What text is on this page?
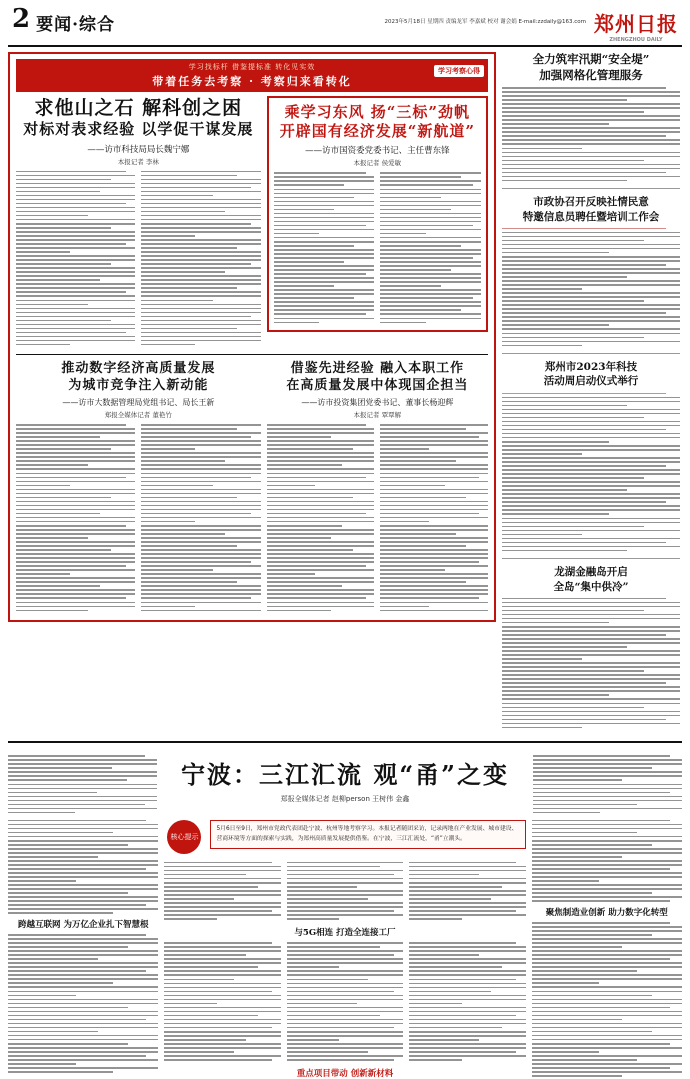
2 要闻·综合	2023年5月18日 星期四 责编龙军 李嘉斌 校对 谢会娟 E-mail:zzdaily@163.com 郑州日报
ZHENGZHOU DAILY
学习找标杆 借鉴提标准 转化见实效
带着任务去考察 · 考察归来看转化
学习考察心得
求他山之石 解科创之困
对标对表求经验 以学促干谋发展
——访市科技局局长魏宁娜
本报记者 李林
乘学习东风 扬“三标”劲帆
开辟国有经济发展“新航道”
——访市国资委党委书记、主任曹东锋
本报记者 侯爱敏
推动数字经济高质量发展
为城市竞争注入新动能
——访市大数据管理局党组书记、局长王新
郑报全媒体记者 董艳竹
借鉴先进经验 融入本职工作
在高质量发展中体现国企担当
——访市投资集团党委书记、董事长杨迎辉
本报记者 覃覃解
全力筑牢汛期“安全堤”
加强网格化管理服务
市政协召开反映社情民意
特邀信息员聘任暨培训工作会
郑州市2023年科技
活动周启动仪式举行
龙湖金融岛开启
全岛“集中供冷”
宁波：三江汇流 观“甬”之变
郑报全媒体记者 赵柳person 王树伟 金鑫
跨越互联网 为万亿企业扎下智慧根
核心提示
5月6日至9日，郑州市党政代表团赴宁波、杭州等地考察学习。本报记者随团采访，记录两地在产业发展、城市建设、营商环境等方面的探索与实践，为郑州高质量发展提供借鉴。在宁波，三江汇流处，“甬”立潮头。
与5G相连 打造全连接工厂
重点项目带动 创新新材料
聚焦制造业创新 助力数字化转型
